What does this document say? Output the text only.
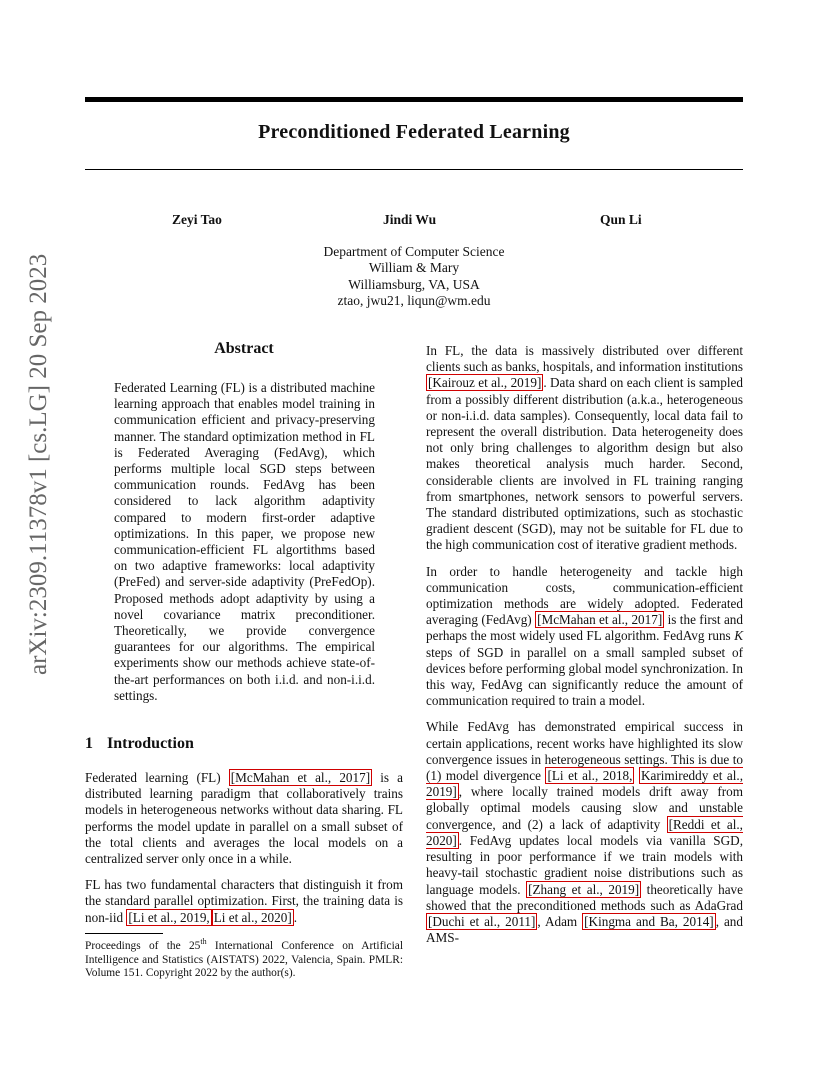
arXiv:2309.11378v1 [cs.LG] 20 Sep 2023
Preconditioned Federated Learning
Zeyi Tao	Jindi Wu	Qun Li
Department of Computer Science
William & Mary
Williamsburg, VA, USA
ztao, jwu21, liqun@wm.edu
Abstract
Federated Learning (FL) is a distributed machine learning approach that enables model training in communication efficient and privacy-preserving manner. The standard optimization method in FL is Federated Averaging (FedAvg), which performs multiple local SGD steps between communication rounds. FedAvg has been considered to lack algorithm adaptivity compared to modern first-order adaptive optimizations. In this paper, we propose new communication-efficient FL algortithms based on two adaptive frameworks: local adaptivity (PreFed) and server-side adaptivity (PreFedOp). Proposed methods adopt adaptivity by using a novel covariance matrix preconditioner. Theoretically, we provide convergence guarantees for our algorithms. The empirical experiments show our methods achieve state-of-the-art performances on both i.i.d. and non-i.i.d. settings.
1 Introduction

Federated learning (FL) [McMahan et al., 2017] is a distributed learning paradigm that collaboratively trains models in heterogeneous networks without data sharing. FL performs the model update in parallel on a small subset of the total clients and averages the local models on a centralized server only once in a while.

FL has two fundamental characters that distinguish it from the standard parallel optimization. First, the training data is non-iid [Li et al., 2019, Li et al., 2020] .

Proceedings of the 25th International Conference on Artificial Intelligence and Statistics (AISTATS) 2022, Valencia, Spain. PMLR: Volume 151. Copyright 2022 by the author(s).

In FL, the data is massively distributed over different clients such as banks, hospitals, and information institutions [Kairouz et al., 2019] . Data shard on each client is sampled from a possibly different distribution (a.k.a., heterogeneous or non-i.i.d. data samples). Consequently, local data fail to represent the overall distribution. Data heterogeneity does not only bring challenges to algorithm design but also makes theoretical analysis much harder. Second, considerable clients are involved in FL training ranging from smartphones, network sensors to powerful servers. The standard distributed optimizations, such as stochastic gradient descent (SGD), may not be suitable for FL due to the high communication cost of iterative gradient methods.

In order to handle heterogeneity and tackle high communication costs, communication-efficient optimization methods are widely adopted. Federated averaging (FedAvg) [McMahan et al., 2017] is the first and perhaps the most widely used FL algorithm. FedAvg runs K steps of SGD in parallel on a small sampled subset of devices before performing global model synchronization. In this way, FedAvg can significantly reduce the amount of communication required to train a model.

While FedAvg has demonstrated empirical success in certain applications, recent works have highlighted its slow convergence issues in heterogeneous settings. This is due to (1) model divergence [Li et al., 2018, Karimireddy et al., 2019] , where locally trained models drift away from globally optimal models causing slow and unstable convergence, and (2) a lack of adaptivity [Reddi et al., 2020] . FedAvg updates local models via vanilla SGD, resulting in poor performance if we train models with heavy-tail stochastic gradient noise distributions such as language models. [Zhang et al., 2019] theoretically have showed that the preconditioned methods such as AdaGrad [Duchi et al., 2011] , Adam [Kingma and Ba, 2014] , and AMS-
